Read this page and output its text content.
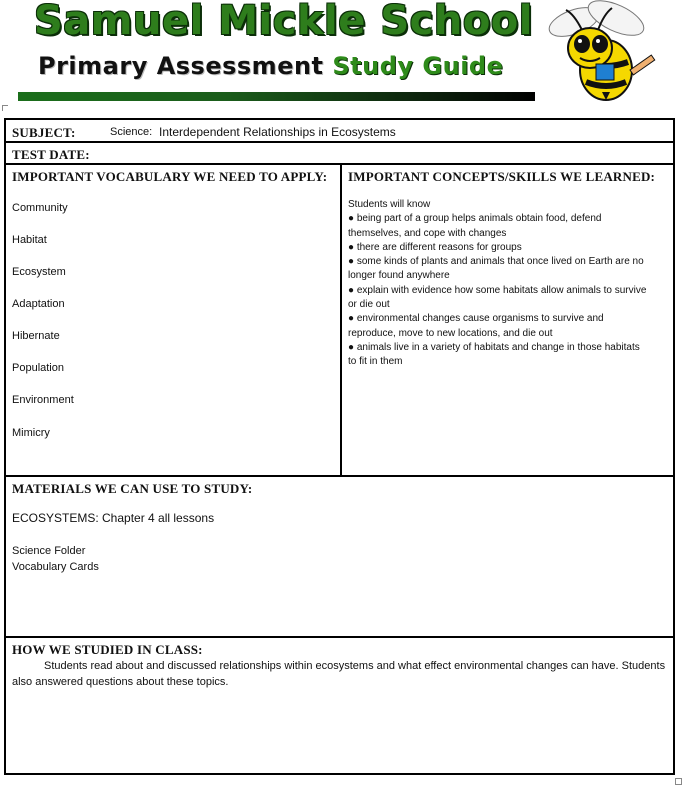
Samuel Mickle School
Primary Assessment Study Guide
SUBJECT:	Science: Interdependent Relationships in Ecosystems
TEST DATE:
IMPORTANT VOCABULARY WE NEED TO APPLY:
Community
Habitat
Ecosystem
Adaptation
Hibernate
Population
Environment
Mimicry
IMPORTANT CONCEPTS/SKILLS WE LEARNED:
Students will know
● being part of a group helps animals obtain food, defend
themselves, and cope with changes
● there are different reasons for groups
● some kinds of plants and animals that once lived on Earth are no
longer found anywhere
● explain with evidence how some habitats allow animals to survive
or die out
● environmental changes cause organisms to survive and
reproduce, move to new locations, and die out
● animals live in a variety of habitats and change in those habitats
to fit in them
MATERIALS WE CAN USE TO STUDY:
ECOSYSTEMS: Chapter 4 all lessons
Science Folder
Vocabulary Cards
HOW WE STUDIED IN CLASS:
Students read about and discussed relationships within ecosystems and what effect environmental changes can have. Students also answered questions about these topics.
